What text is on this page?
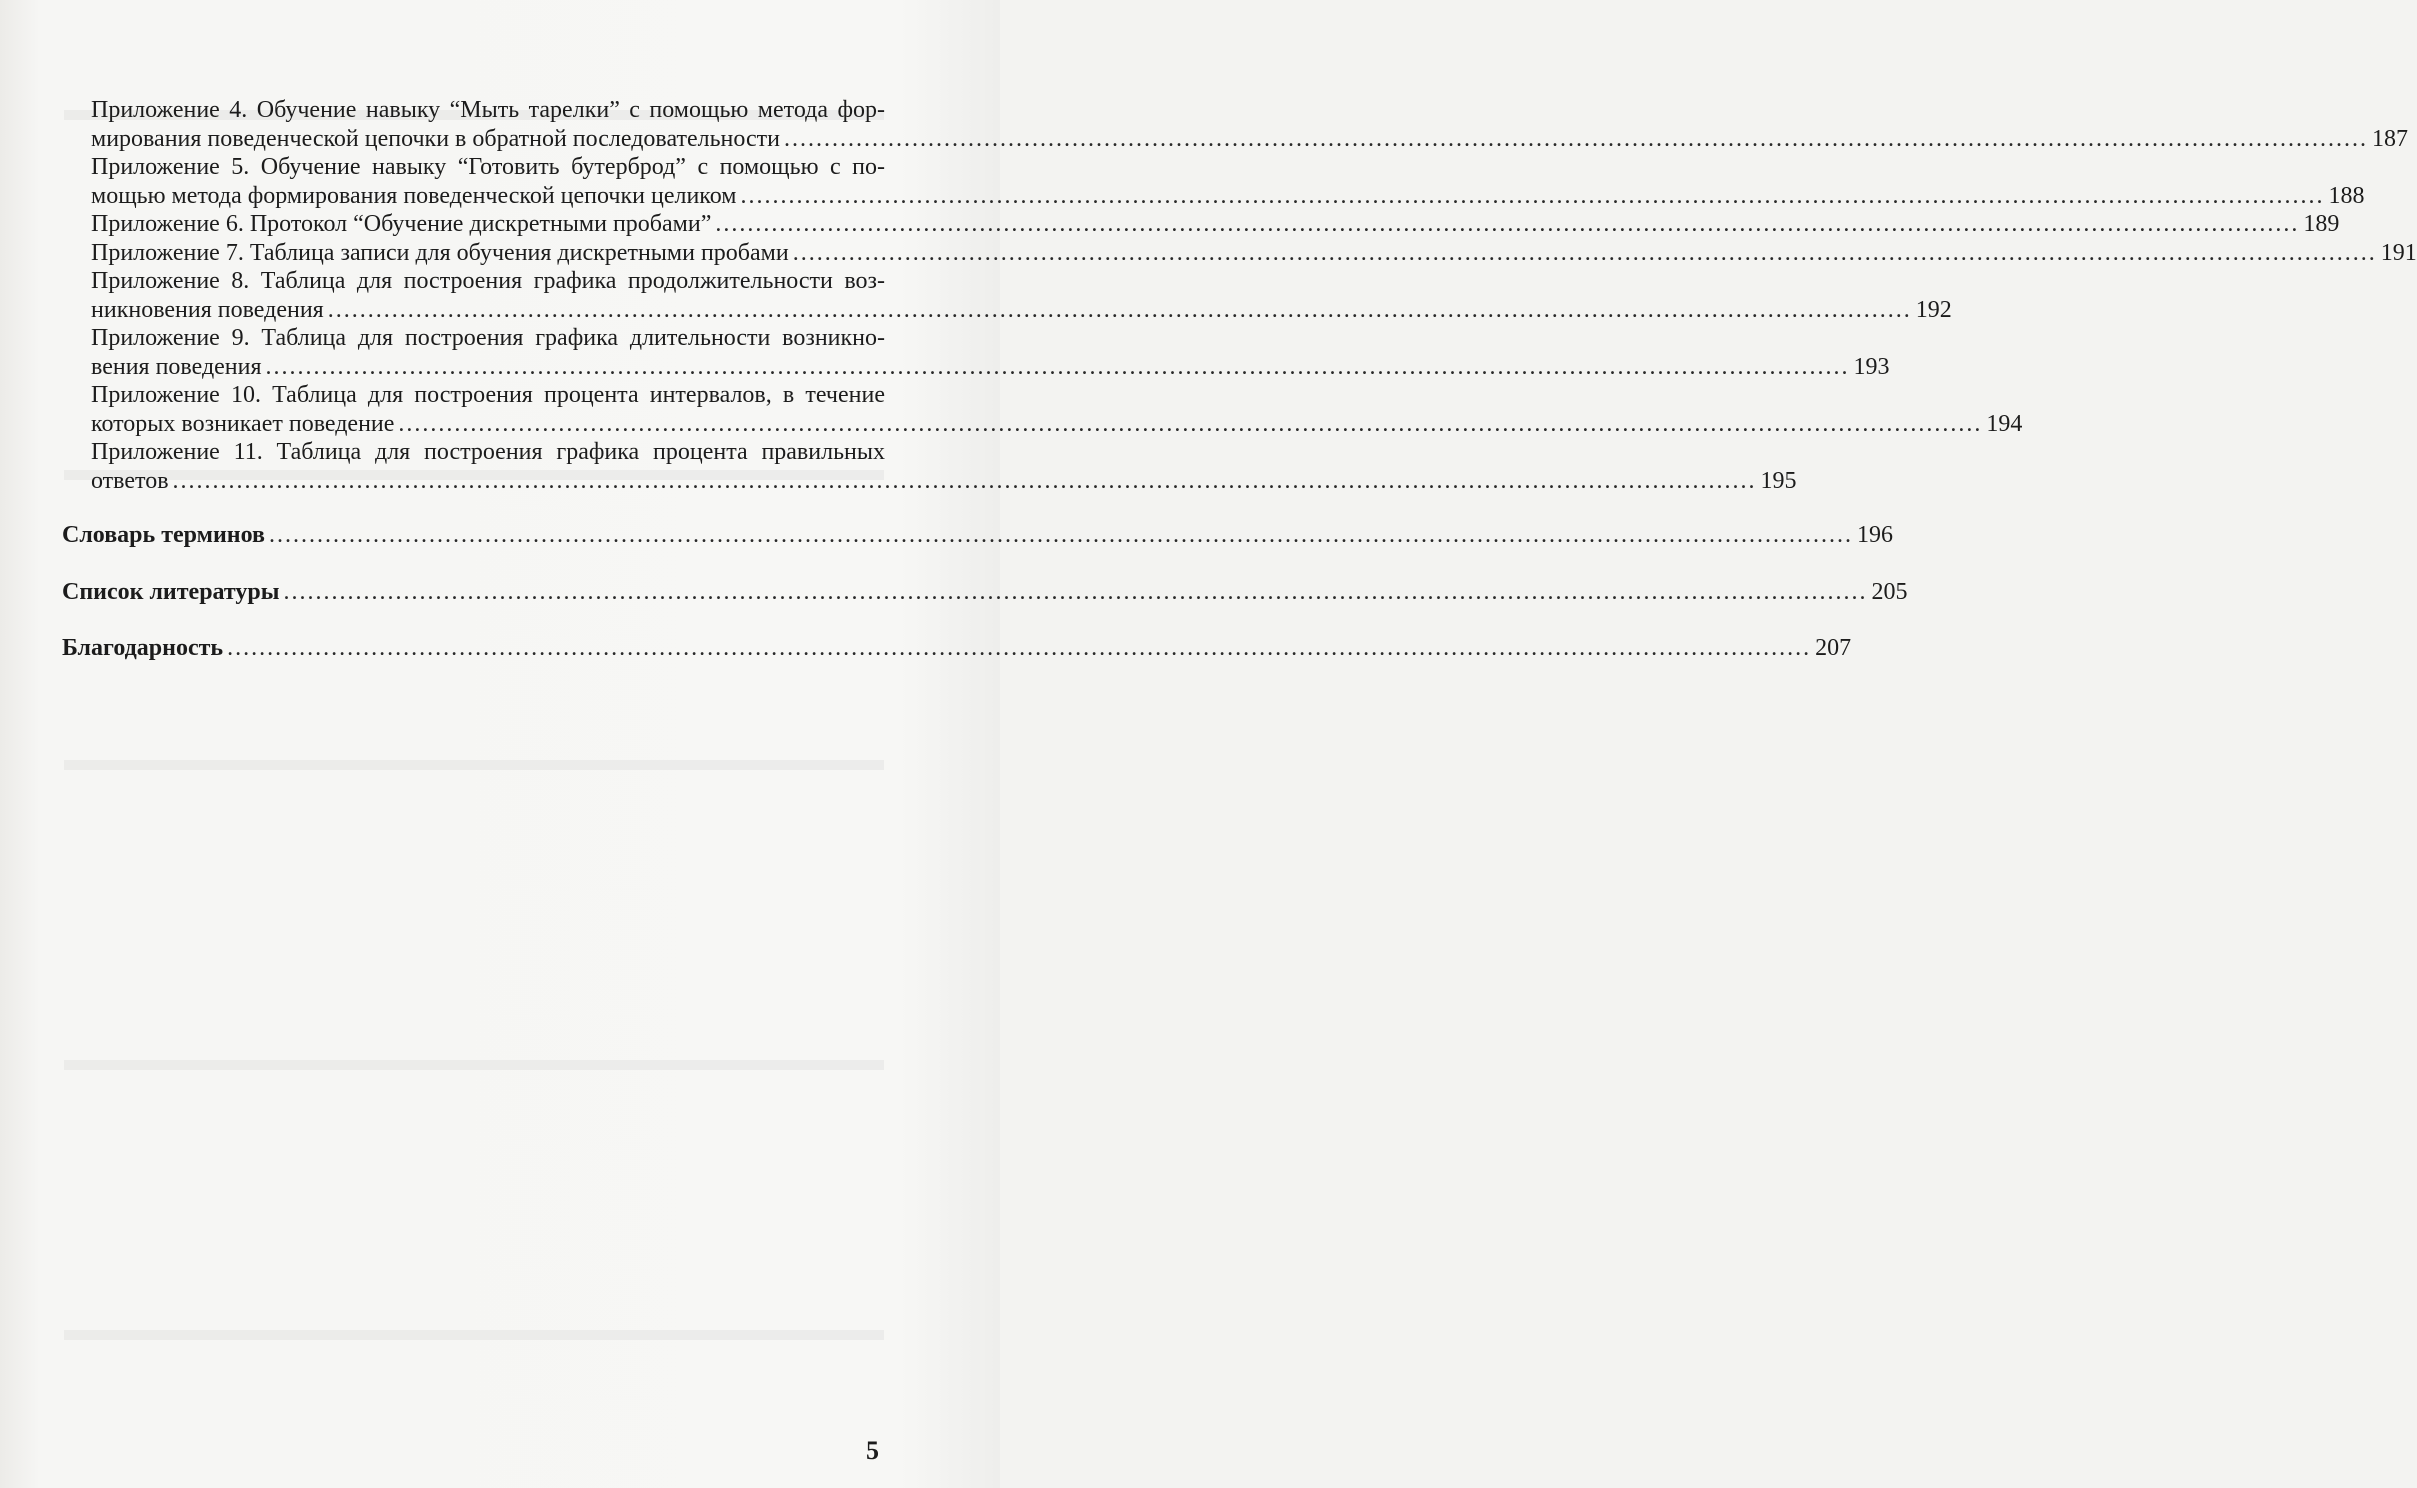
Приложение 4. Обучение навыку “Мыть тарелки” с помощью метода фор-
мирования поведенческой цепочки в обратной последовательности ...................................................................................................................................................................................................... 187
Приложение 5. Обучение навыку “Готовить бутерброд” с помощью с по-
мощью метода формирования поведенческой цепочки целиком ...................................................................................................................................................................................................... 188
Приложение 6. Протокол “Обучение дискретными пробами” ...................................................................................................................................................................................................... 189
Приложение 7. Таблица записи для обучения дискретными пробами ...................................................................................................................................................................................................... 191
Приложение 8. Таблица для построения графика продолжительности воз-
никновения поведения ...................................................................................................................................................................................................... 192
Приложение 9. Таблица для построения графика длительности возникно-
вения поведения ...................................................................................................................................................................................................... 193
Приложение 10. Таблица для построения процента интервалов, в течение
которых возникает поведение ...................................................................................................................................................................................................... 194
Приложение 11. Таблица для построения графика процента правильных
ответов ...................................................................................................................................................................................................... 195
Словарь терминов ...................................................................................................................................................................................................... 196
Список литературы ...................................................................................................................................................................................................... 205
Благодарность ...................................................................................................................................................................................................... 207
5
